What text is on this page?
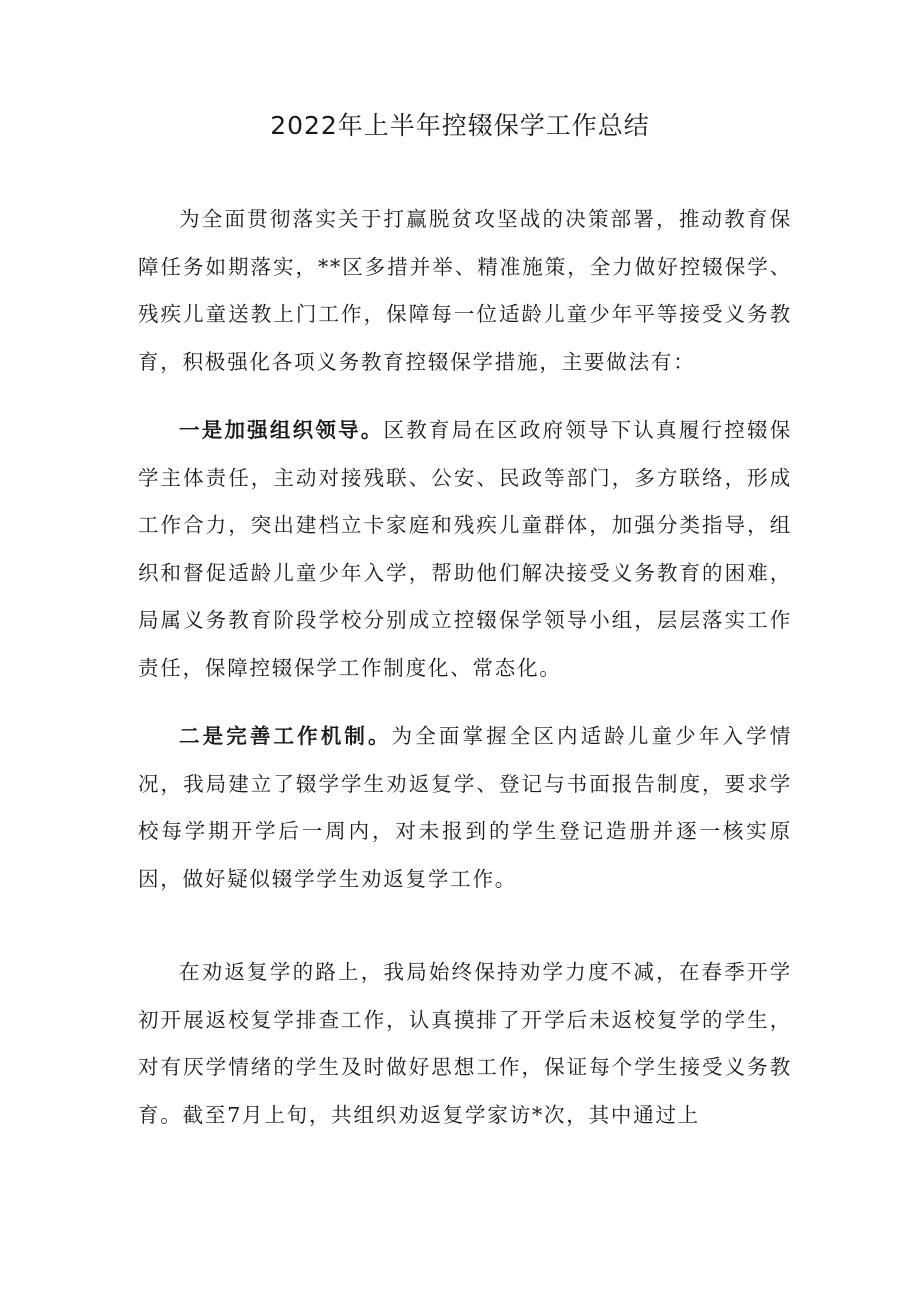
2022年上半年控辍保学工作总结

为全面贯彻落实关于打赢脱贫攻坚战的决策部署，推动教育保障任务如期落实，**区多措并举、精准施策，全力做好控辍保学、残疾儿童送教上门工作，保障每一位适龄儿童少年平等接受义务教育，积极强化各项义务教育控辍保学措施，主要做法有：

一是加强组织领导。区教育局在区政府领导下认真履行控辍保学主体责任，主动对接残联、公安、民政等部门，多方联络，形成工作合力，突出建档立卡家庭和残疾儿童群体，加强分类指导，组织和督促适龄儿童少年入学，帮助他们解决接受义务教育的困难，局属义务教育阶段学校分别成立控辍保学领导小组，层层落实工作责任，保障控辍保学工作制度化、常态化。

二是完善工作机制。为全面掌握全区内适龄儿童少年入学情况，我局建立了辍学学生劝返复学、登记与书面报告制度，要求学校每学期开学后一周内，对未报到的学生登记造册并逐一核实原因，做好疑似辍学学生劝返复学工作。

在劝返复学的路上，我局始终保持劝学力度不减，在春季开学初开展返校复学排查工作，认真摸排了开学后未返校复学的学生，对有厌学情绪的学生及时做好思想工作，保证每个学生接受义务教育。截至7月上旬，共组织劝返复学家访*次，其中通过上
